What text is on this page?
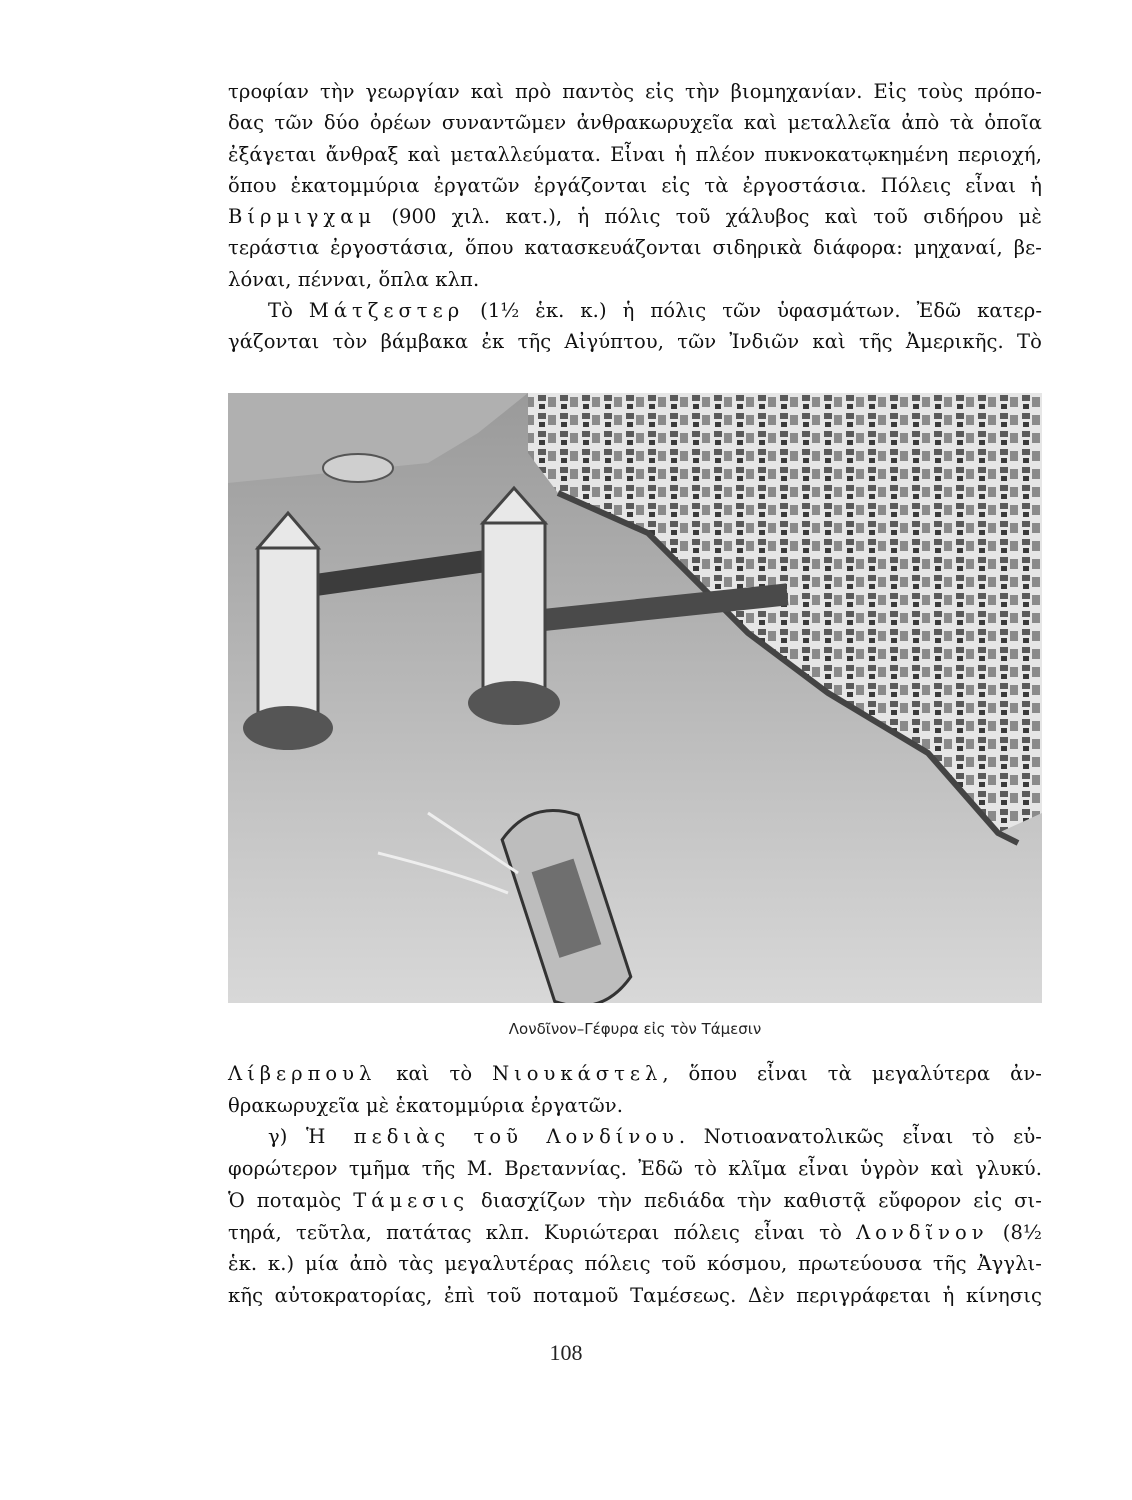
τροφίαν τὴν γεωργίαν καὶ πρὸ παντὸς εἰς τὴν βιομηχανίαν. Εἰς τοὺς πρόπο-
δας τῶν δύο ὀρέων συναντῶμεν ἀνθρακωρυχεῖα καὶ μεταλλεῖα ἀπὸ τὰ ὁποῖα
ἐξάγεται ἄνθραξ καὶ μεταλλεύματα. Εἶναι ἡ πλέον πυκνοκατῳκημένη περιοχή,
ὅπου ἑκατομμύρια ἐργατῶν ἐργάζονται εἰς τὰ ἐργοστάσια. Πόλεις εἶναι ἡ
Βίρμιγχαμ (900 χιλ. κατ.), ἡ πόλις τοῦ χάλυβος καὶ τοῦ σιδήρου μὲ
τεράστια ἐργοστάσια, ὅπου κατασκευάζονται σιδηρικὰ διάφορα: μηχαναί, βε-
λόναι, πένναι, ὅπλα κλπ.
Τὸ Μάτζεστερ (1½ ἑκ. κ.) ἡ πόλις τῶν ὑφασμάτων. Ἐδῶ κατερ-
γάζονται τὸν βάμβακα ἐκ τῆς Αἰγύπτου, τῶν Ἰνδιῶν καὶ τῆς Ἀμερικῆς. Τὸ
Λονδῖνον–Γέφυρα εἰς τὸν Τάμεσιν
Λίβερπουλ καὶ τὸ Νιουκάστελ, ὅπου εἶναι τὰ μεγαλύτερα ἀν-
θρακωρυχεῖα μὲ ἑκατομμύρια ἐργατῶν.
γ) Ἡ πεδιὰς τοῦ Λονδίνου. Νοτιοανατολικῶς εἶναι τὸ εὐ-
φορώτερον τμῆμα τῆς Μ. Βρεταννίας. Ἐδῶ τὸ κλῖμα εἶναι ὑγρὸν καὶ γλυκύ.
Ὁ ποταμὸς Τάμεσις διασχίζων τὴν πεδιάδα τὴν καθιστᾷ εὔφορον εἰς σι-
τηρά, τεῦτλα, πατάτας κλπ. Κυριώτεραι πόλεις εἶναι τὸ Λονδῖνον (8½
ἑκ. κ.) μία ἀπὸ τὰς μεγαλυτέρας πόλεις τοῦ κόσμου, πρωτεύουσα τῆς Ἀγγλι-
κῆς αὐτοκρατορίας, ἐπὶ τοῦ ποταμοῦ Ταμέσεως. Δὲν περιγράφεται ἡ κίνησις
108
